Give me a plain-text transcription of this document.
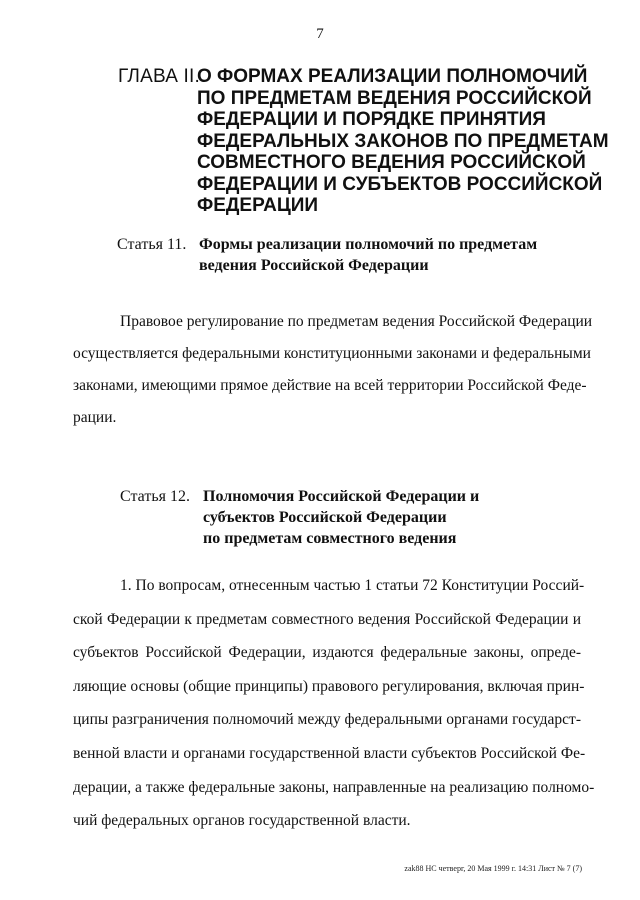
7
ГЛАВА II.
О ФОРМАХ РЕАЛИЗАЦИИ ПОЛНОМОЧИЙ
ПО ПРЕДМЕТАМ ВЕДЕНИЯ РОССИЙСКОЙ
ФЕДЕРАЦИИ И ПОРЯДКЕ ПРИНЯТИЯ
ФЕДЕРАЛЬНЫХ ЗАКОНОВ ПО ПРЕДМЕТАМ
СОВМЕСТНОГО ВЕДЕНИЯ РОССИЙСКОЙ
ФЕДЕРАЦИИ И СУБЪЕКТОВ РОССИЙСКОЙ
ФЕДЕРАЦИИ
Статья 11. Формы реализации полномочий по предметам
ведения Российской Федерации
Правовое регулирование по предметам ведения Российской Федерации
осуществляется федеральными конституционными законами и федеральными
законами, имеющими прямое действие на всей территории Российской Феде-
рации.
Статья 12. Полномочия Российской Федерации и
субъектов Российской Федерации
по предметам совместного ведения
1. По вопросам, отнесенным частью 1 статьи 72 Конституции Россий-
ской Федерации к предметам совместного ведения Российской Федерации и
субъектов Российской Федерации, издаются федеральные законы, опреде-
ляющие основы (общие принципы) правового регулирования, включая прин-
ципы разграничения полномочий между федеральными органами государст-
венной власти и органами государственной власти субъектов Российской Фе-
дерации, а также федеральные законы, направленные на реализацию полномо-
чий федеральных органов государственной власти.
zak88 НС четверг, 20 Мая 1999 г. 14:31 Лист № 7 (7)
